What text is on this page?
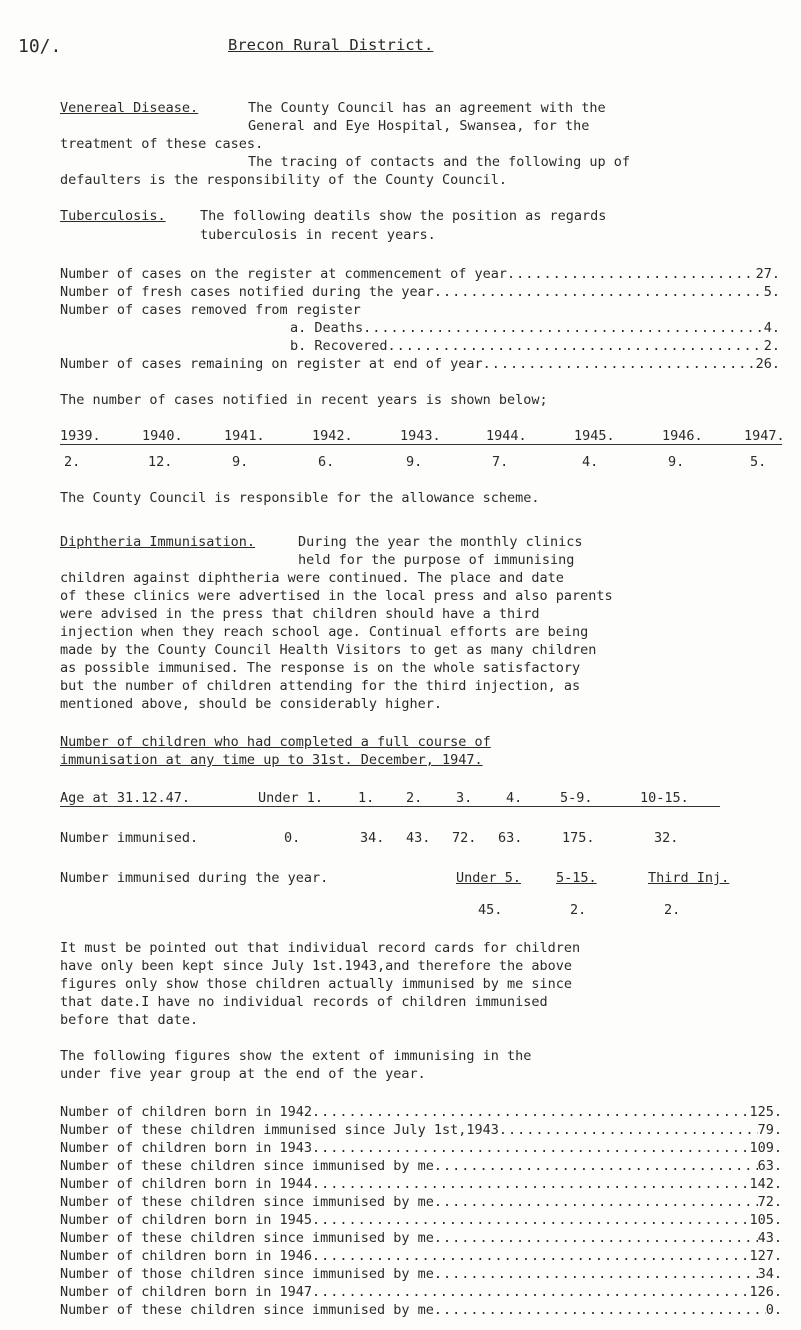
10/.	Brecon Rural District.
Venereal Disease.	The County Council has an agreement with the
General and Eye Hospital, Swansea, for the
treatment of these cases.
The tracing of contacts and the following up of
defaulters is the responsibility of the County Council.
Tuberculosis.	The following deatils show the position as regards
tuberculosis in recent years.
Number of cases on the register at commencement of year .....	27.
Number of fresh cases notified during the year .....	5.
Number of cases removed from register
a. Deaths .....	4.
b. Recovered .....	2.
Number of cases remaining on register at end of year .....	26.
The number of cases notified in recent years is shown below;
1939.	1940.	1941.	1942.	1943.	1944.	1945.	1946.	1947.

2.	12.	9.	6.	9.	7.	4.	9.	5.

The County Council is responsible for the allowance scheme.
Diphtheria Immunisation.	During the year the monthly clinics
held for the purpose of immunising
children against diphtheria were continued. The place and date
of these clinics were advertised in the local press and also parents
were advised in the press that children should have a third
injection when they reach school age. Continual efforts are being
made by the County Council Health Visitors to get as many children
as possible immunised. The response is on the whole satisfactory
but the number of children attending for the third injection, as
mentioned above, should be considerably higher.
Number of children who had completed a full course of
immunisation at any time up to 31st. December, 1947.
Age at 31.12.47.	Under 1.	1. 2. 3. 4.	5-9.	10-15.

Number immunised.	0.	34. 43. 72. 63.	175.	32.

Number immunised during the year.	Under 5.	5-15.	Third Inj.

45.	2.	2.

It must be pointed out that individual record cards for children
have only been kept since July 1st.1943,and therefore the above
figures only show those children actually immunised by me since
that date.I have no individual records of children immunised
before that date.
The following figures show the extent of immunising in the
under five year group at the end of the year.
Number of children born in 1942 .....	125.
Number of these children immunised since July 1st,1943 .....	79.
Number of children born in 1943 .....	109.
Number of these children since immunised by me .....	63.
Number of children born in 1944 .....	142.
Number of these children since immunised by me .....	72.
Number of children born in 1945 .....	105.
Number of these children since immunised by me .....	43.
Number of children born in 1946 .....	127.
Number of those children since immunised by me .....	34.
Number of children born in 1947 .....	126.
Number of these children since immunised by me .....	0.
